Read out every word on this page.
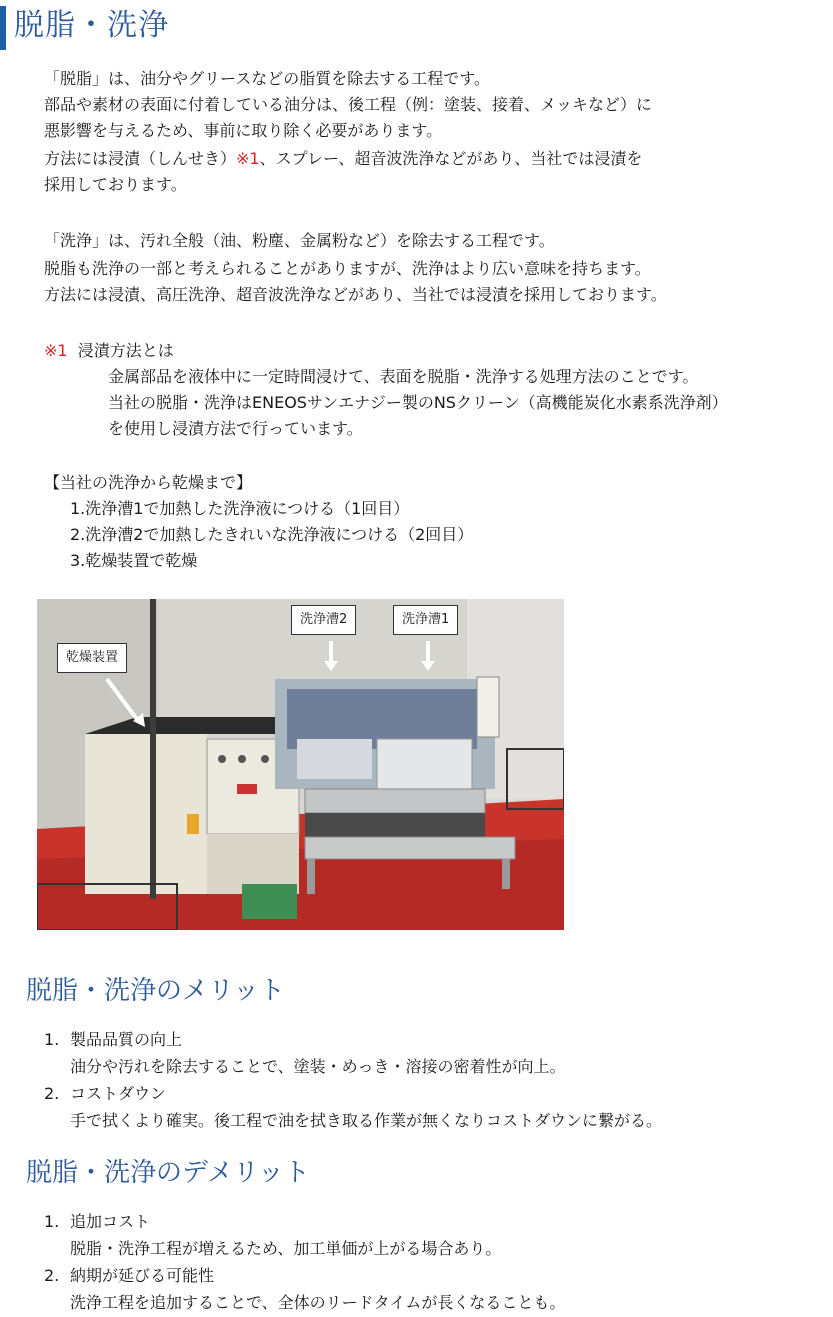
脱脂・洗浄
「脱脂」は、油分やグリースなどの脂質を除去する工程です。
部品や素材の表面に付着している油分は、後工程（例：塗装、接着、メッキなど）に
悪影響を与えるため、事前に取り除く必要があります。
方法には浸漬（しんせき）※1、スプレー、超音波洗浄などがあり、当社では浸漬を
採用しております。
「洗浄」は、汚れ全般（油、粉塵、金属粉など）を除去する工程です。
脱脂も洗浄の一部と考えられることがありますが、洗浄はより広い意味を持ちます。
方法には浸漬、高圧洗浄、超音波洗浄などがあり、当社では浸漬を採用しております。
※1 浸漬方法とは
金属部品を液体中に一定時間浸けて、表面を脱脂・洗浄する処理方法のことです。
当社の脱脂・洗浄はENEOSサンエナジー製のNSクリーン（高機能炭化水素系洗浄剤）
を使用し浸漬方法で行っています。
【当社の洗浄から乾燥まで】
1.洗浄漕1で加熱した洗浄液につける（1回目）
2.洗浄漕2で加熱したきれいな洗浄液につける（2回目）
3.乾燥装置で乾燥
乾燥装置
洗浄漕2	洗浄漕1
脱脂・洗浄のメリット
1. 製品品質の向上
油分や汚れを除去することで、塗装・めっき・溶接の密着性が向上。
2. コストダウン
手で拭くより確実。後工程で油を拭き取る作業が無くなりコストダウンに繋がる。
脱脂・洗浄のデメリット
1. 追加コスト
脱脂・洗浄工程が増えるため、加工単価が上がる場合あり。
2. 納期が延びる可能性
洗浄工程を追加することで、全体のリードタイムが長くなることも。
